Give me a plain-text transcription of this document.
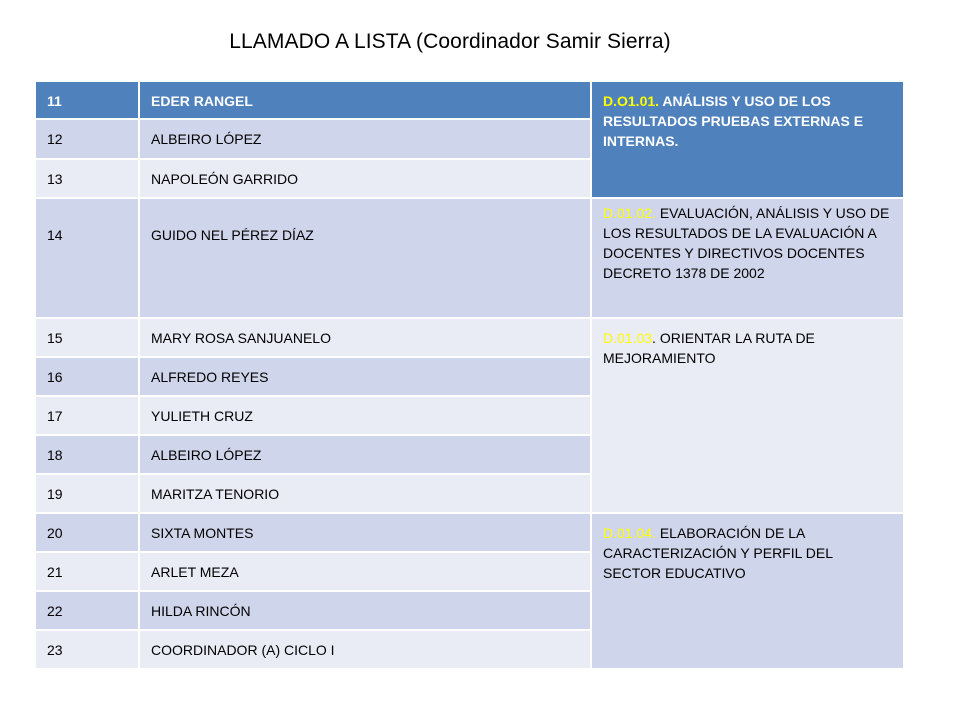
LLAMADO A LISTA (Coordinador Samir Sierra)
11	EDER RANGEL	D.O1.01. ANÁLISIS Y USO DE LOS RESULTADOS PRUEBAS EXTERNAS E INTERNAS.
12	ALBEIRO LÓPEZ	
13	NAPOLEÓN GARRIDO	
14	GUIDO NEL PÉREZ DÍAZ	D.01.02. EVALUACIÓN, ANÁLISIS Y USO DE LOS RESULTADOS DE LA EVALUACIÓN A DOCENTES Y DIRECTIVOS DOCENTES DECRETO 1378 DE 2002
15	MARY ROSA SANJUANELO	D.01.03. ORIENTAR LA RUTA DE MEJORAMIENTO
16	ALFREDO REYES	
17	YULIETH CRUZ	
18	ALBEIRO LÓPEZ	
19	MARITZA TENORIO	
20	SIXTA MONTES	D.01.04. ELABORACIÓN DE LA CARACTERIZACIÓN Y PERFIL DEL SECTOR EDUCATIVO
21	ARLET MEZA	
22	HILDA RINCÓN	
23	COORDINADOR (A) CICLO I	
